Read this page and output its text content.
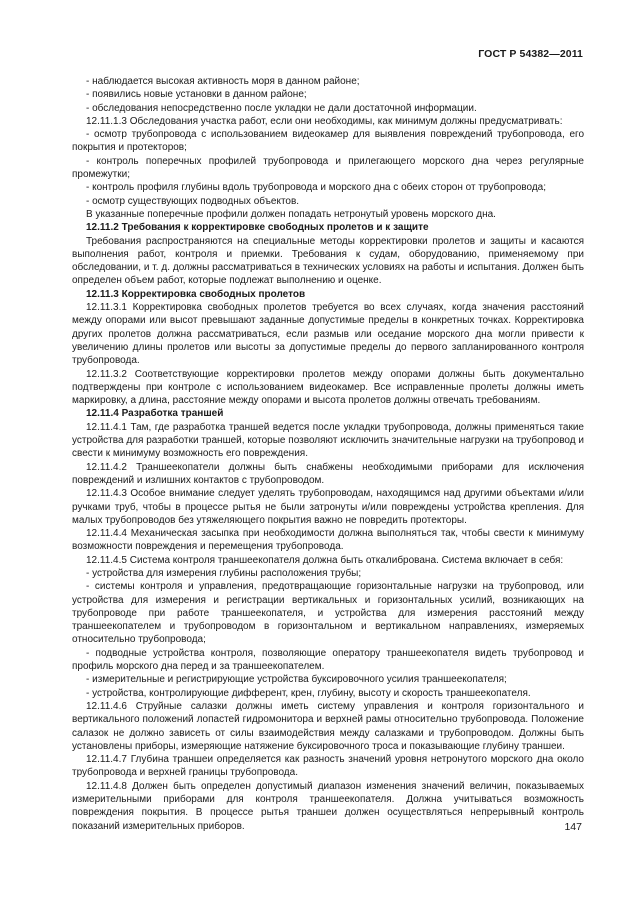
ГОСТ Р 54382—2011

- наблюдается высокая активность моря в данном районе;

- появились новые установки в данном районе;

- обследования непосредственно после укладки не дали достаточной информации.

12.11.1.3 Обследования участка работ, если они необходимы, как минимум должны предусматривать:

- осмотр трубопровода с использованием видеокамер для выявления повреждений трубопровода, его покрытия и протекторов;

- контроль поперечных профилей трубопровода и прилегающего морского дна через регулярные промежутки;

- контроль профиля глубины вдоль трубопровода и морского дна с обеих сторон от трубопровода;

- осмотр существующих подводных объектов.

В указанные поперечные профили должен попадать нетронутый уровень морского дна.

12.11.2 Требования к корректировке свободных пролетов и к защите

Требования распространяются на специальные методы корректировки пролетов и защиты и касаются выполнения работ, контроля и приемки. Требования к судам, оборудованию, применяемому при обследовании, и т. д. должны рассматриваться в технических условиях на работы и испытания. Должен быть определен объем работ, которые подлежат выполнению и оценке.

12.11.3 Корректировка свободных пролетов

12.11.3.1 Корректировка свободных пролетов требуется во всех случаях, когда значения расстояний между опорами или высот превышают заданные допустимые пределы в конкретных точках. Корректировка других пролетов должна рассматриваться, если размыв или оседание морского дна могли привести к увеличению длины пролетов или высоты за допустимые пределы до первого запланированного контроля трубопровода.

12.11.3.2 Соответствующие корректировки пролетов между опорами должны быть документально подтверждены при контроле с использованием видеокамер. Все исправленные пролеты должны иметь маркировку, а длина, расстояние между опорами и высота пролетов должны отвечать требованиям.

12.11.4 Разработка траншей

12.11.4.1 Там, где разработка траншей ведется после укладки трубопровода, должны применяться такие устройства для разработки траншей, которые позволяют исключить значительные нагрузки на трубопровод и свести к минимуму возможность его повреждения.

12.11.4.2 Траншеекопатели должны быть снабжены необходимыми приборами для исключения повреждений и излишних контактов с трубопроводом.

12.11.4.3 Особое внимание следует уделять трубопроводам, находящимся над другими объектами и/или ручками труб, чтобы в процессе рытья не были затронуты и/или повреждены устройства крепления. Для малых трубопроводов без утяжеляющего покрытия важно не повредить протекторы.

12.11.4.4 Механическая засыпка при необходимости должна выполняться так, чтобы свести к минимуму возможности повреждения и перемещения трубопровода.

12.11.4.5 Система контроля траншеекопателя должна быть откалибрована. Система включает в себя:

- устройства для измерения глубины расположения трубы;

- системы контроля и управления, предотвращающие горизонтальные нагрузки на трубопровод, или устройства для измерения и регистрации вертикальных и горизонтальных усилий, возникающих на трубопроводе при работе траншеекопателя, и устройства для измерения расстояний между траншеекопателем и трубопроводом в горизонтальном и вертикальном направлениях, измеряемых относительно трубопровода;

- подводные устройства контроля, позволяющие оператору траншеекопателя видеть трубопровод и профиль морского дна перед и за траншеекопателем.

- измерительные и регистрирующие устройства буксировочного усилия траншеекопателя;

- устройства, контролирующие дифферент, крен, глубину, высоту и скорость траншеекопателя.

12.11.4.6 Струйные салазки должны иметь систему управления и контроля горизонтального и вертикального положений лопастей гидромонитора и верхней рамы относительно трубопровода. Положение салазок не должно зависеть от силы взаимодействия между салазками и трубопроводом. Должны быть установлены приборы, измеряющие натяжение буксировочного троса и показывающие глубину траншеи.

12.11.4.7 Глубина траншеи определяется как разность значений уровня нетронутого морского дна около трубопровода и верхней границы трубопровода.

12.11.4.8 Должен быть определен допустимый диапазон изменения значений величин, показываемых измерительными приборами для контроля траншеекопателя. Должна учитываться возможность повреждения покрытия. В процессе рытья траншеи должен осуществляться непрерывный контроль показаний измерительных приборов.	147
